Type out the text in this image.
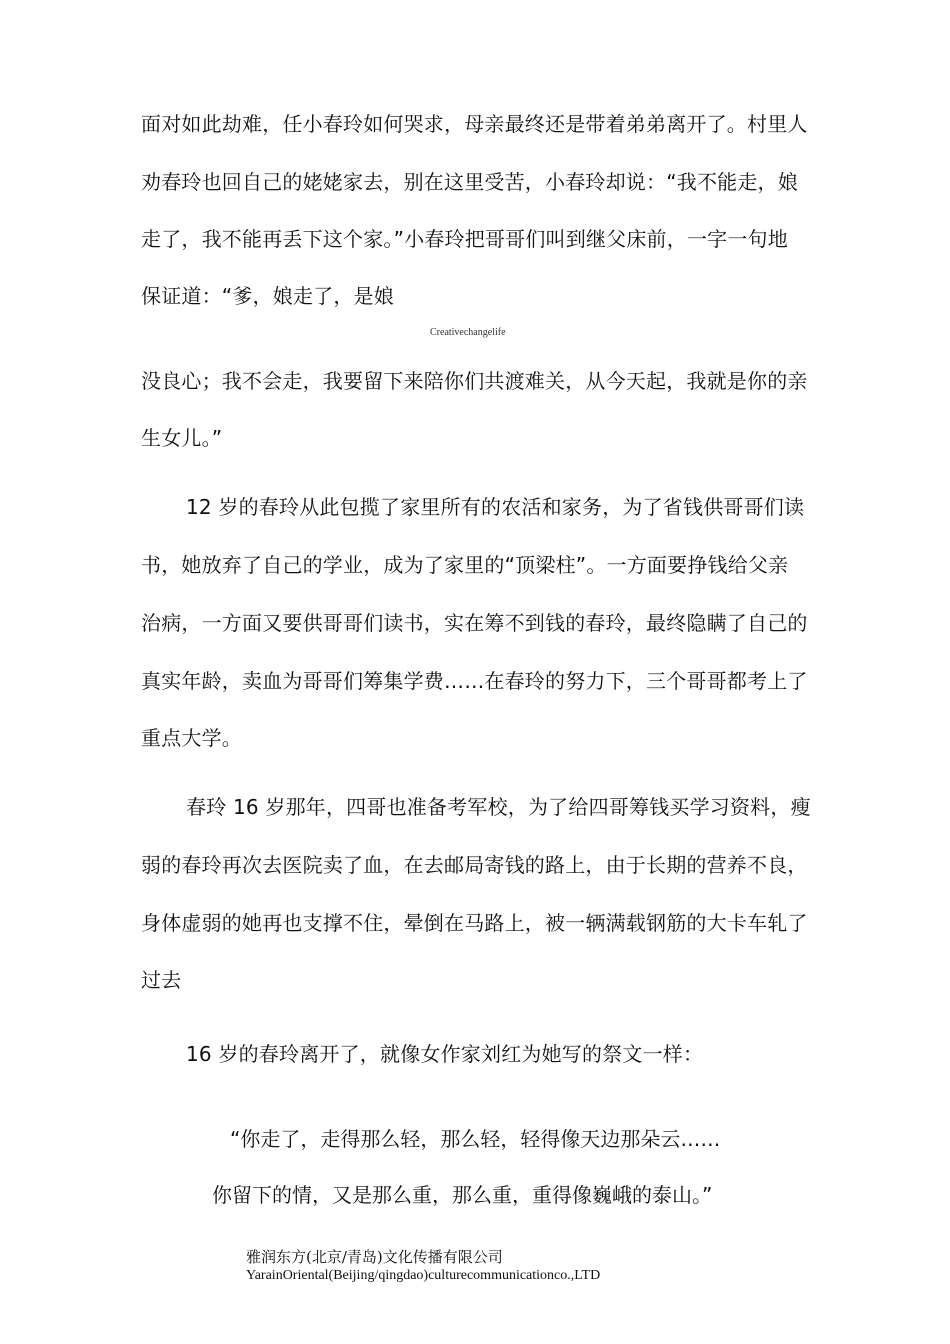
面对如此劫难，任小春玲如何哭求，母亲最终还是带着弟弟离开了。村里人
劝春玲也回自己的姥姥家去，别在这里受苦，小春玲却说：“我不能走，娘
走了，我不能再丢下这个家。”小春玲把哥哥们叫到继父床前，一字一句地
保证道：“爹，娘走了，是娘
Creativechangelife
没良心；我不会走，我要留下来陪你们共渡难关，从今天起，我就是你的亲
生女儿。”
12 岁的春玲从此包揽了家里所有的农活和家务，为了省钱供哥哥们读
书，她放弃了自己的学业，成为了家里的“顶梁柱”。一方面要挣钱给父亲
治病，一方面又要供哥哥们读书，实在筹不到钱的春玲，最终隐瞒了自己的
真实年龄，卖血为哥哥们筹集学费……在春玲的努力下，三个哥哥都考上了
重点大学。
春玲 16 岁那年，四哥也准备考军校，为了给四哥筹钱买学习资料，瘦
弱的春玲再次去医院卖了血，在去邮局寄钱的路上，由于长期的营养不良，
身体虚弱的她再也支撑不住，晕倒在马路上，被一辆满载钢筋的大卡车轧了
过去
16 岁的春玲离开了，就像女作家刘红为她写的祭文一样：
“你走了，走得那么轻，那么轻，轻得像天边那朵云……
你留下的情，又是那么重，那么重，重得像巍峨的泰山。”
雅润东方(北京/青岛)文化传播有限公司
YarainOriental(Beijing/qingdao)culturecommunicationco.,LTD
